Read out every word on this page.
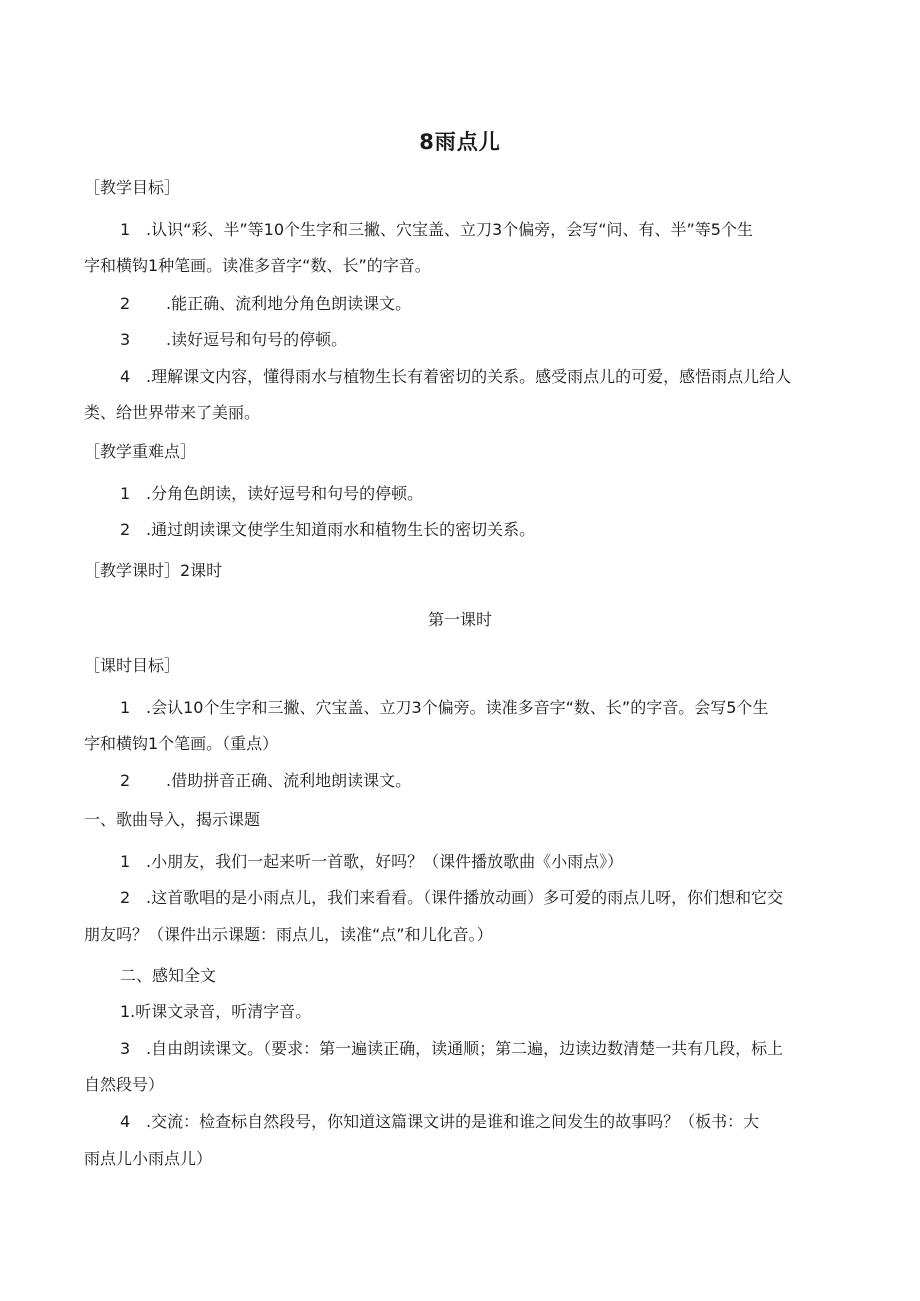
8雨点儿
［教学目标］
1 .认识“彩、半”等10个生字和三撇、穴宝盖、立刀3个偏旁，会写“问、有、半”等5个生
字和横钩1种笔画。读准多音字“数、长”的字音。
2 .能正确、流利地分角色朗读课文。
3 .读好逗号和句号的停顿。
4 .理解课文内容，懂得雨水与植物生长有着密切的关系。感受雨点儿的可爱，感悟雨点儿给人
类、给世界带来了美丽。
［教学重难点］
1 .分角色朗读，读好逗号和句号的停顿。
2 .通过朗读课文使学生知道雨水和植物生长的密切关系。
［教学课时］2课时
第一课时
［课时目标］
1 .会认10个生字和三撇、穴宝盖、立刀3个偏旁。读准多音字“数、长”的字音。会写5个生
字和横钩1个笔画。（重点）
2 .借助拼音正确、流利地朗读课文。
一、歌曲导入，揭示课题
1 .小朋友，我们一起来听一首歌，好吗？（课件播放歌曲《小雨点》）
2 .这首歌唱的是小雨点儿，我们来看看。（课件播放动画）多可爱的雨点儿呀，你们想和它交
朋友吗？（课件出示课题：雨点儿，读准“点”和儿化音。）
二、感知全文
1.听课文录音，听清字音。
3 .自由朗读课文。（要求：第一遍读正确，读通顺；第二遍，边读边数清楚一共有几段，标上
自然段号）
4 .交流：检查标自然段号，你知道这篇课文讲的是谁和谁之间发生的故事吗？（板书：大
雨点儿小雨点儿）
